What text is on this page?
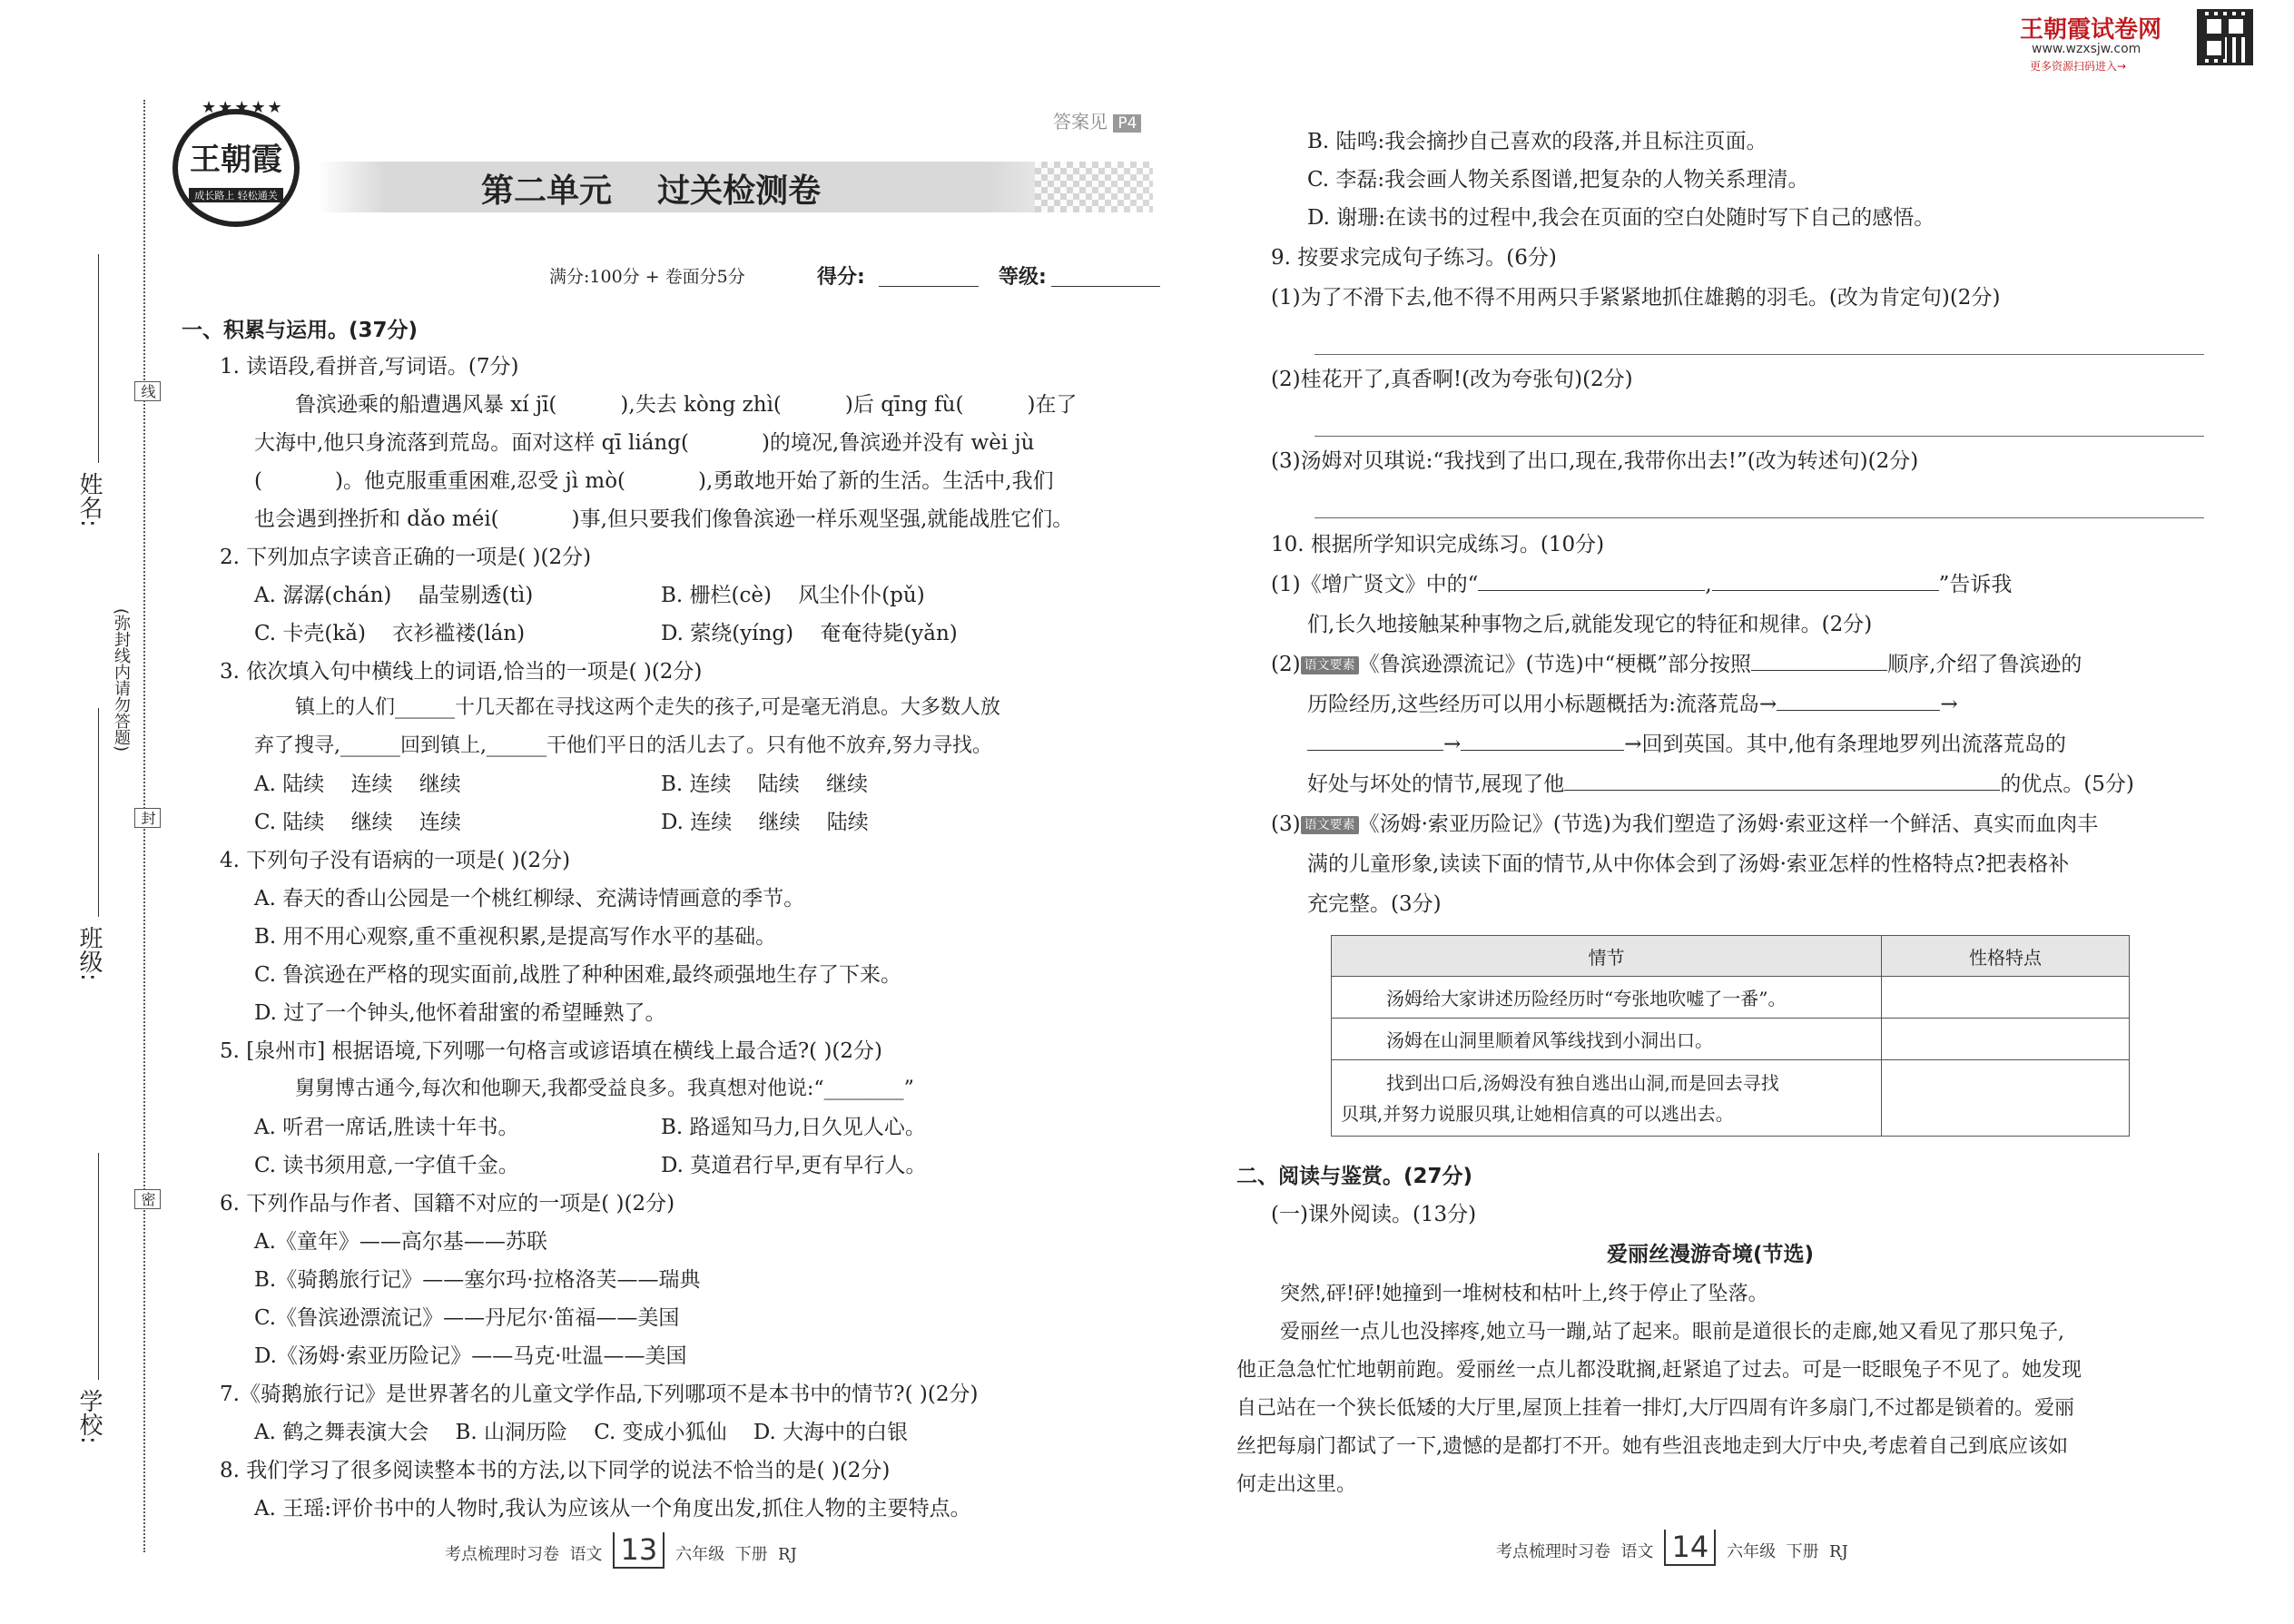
王朝霞试卷网
www.wzxsjw.com
更多资源扫码进入→
线
封
密
(弥封线内请勿答题)
姓名:
班级:
学校:
王朝霞
成长路上 轻松通关
★★★★★
答案见 P4
第二单元    过关检测卷
满分:100分 + 卷面分5分	得分:	等级:
一、积累与运用。(37分)
1. 读语段,看拼音,写词语。(7分)
鲁滨逊乘的船遭遇风暴 xí jī(	),失去 kòng zhì(	)后 qīng fù(	)在了
大海中,他只身流落到荒岛。面对这样 qī liáng(	)的境况,鲁滨逊并没有 wèi jù
(	)。他克服重重困难,忍受 jì mò(	),勇敢地开始了新的生活。生活中,我们
也会遇到挫折和 dǎo méi(	)事,但只要我们像鲁滨逊一样乐观坚强,就能战胜它们。
2. 下列加点字读音正确的一项是( )(2分)
A. 潺潺(chán)    晶莹剔透(tì)	B. 栅栏(cè)    风尘仆仆(pǔ)
C. 卡壳(kǎ)    衣衫褴褛(lán)	D. 萦绕(yíng)    奄奄待毙(yǎn)
3. 依次填入句中横线上的词语,恰当的一项是( )(2分)
镇上的人们______十几天都在寻找这两个走失的孩子,可是毫无消息。大多数人放
弃了搜寻,______回到镇上,______干他们平日的活儿去了。只有他不放弃,努力寻找。
A. 陆续    连续    继续	B. 连续    陆续    继续
C. 陆续    继续    连续	D. 连续    继续    陆续
4. 下列句子没有语病的一项是( )(2分)
A. 春天的香山公园是一个桃红柳绿、充满诗情画意的季节。
B. 用不用心观察,重不重视积累,是提高写作水平的基础。
C. 鲁滨逊在严格的现实面前,战胜了种种困难,最终顽强地生存了下来。
D. 过了一个钟头,他怀着甜蜜的希望睡熟了。
5. [泉州市] 根据语境,下列哪一句格言或谚语填在横线上最合适?( )(2分)
舅舅博古通今,每次和他聊天,我都受益良多。我真想对他说:“________”
A. 听君一席话,胜读十年书。	B. 路遥知马力,日久见人心。
C. 读书须用意,一字值千金。	D. 莫道君行早,更有早行人。
6. 下列作品与作者、国籍不对应的一项是( )(2分)
A.《童年》——高尔基——苏联
B.《骑鹅旅行记》——塞尔玛·拉格洛芙——瑞典
C.《鲁滨逊漂流记》——丹尼尔·笛福——美国
D.《汤姆·索亚历险记》——马克·吐温——美国
7.《骑鹅旅行记》是世界著名的儿童文学作品,下列哪项不是本书中的情节?( )(2分)
A. 鹤之舞表演大会    B. 山洞历险    C. 变成小狐仙    D. 大海中的白银
8. 我们学习了很多阅读整本书的方法,以下同学的说法不恰当的是( )(2分)
A. 王瑶:评价书中的人物时,我认为应该从一个角度出发,抓住人物的主要特点。
考点梳理时习卷  语文 13 六年级  下册  RJ
B. 陆鸣:我会摘抄自己喜欢的段落,并且标注页面。
C. 李磊:我会画人物关系图谱,把复杂的人物关系理清。
D. 谢珊:在读书的过程中,我会在页面的空白处随时写下自己的感悟。
9. 按要求完成句子练习。(6分)
(1)为了不滑下去,他不得不用两只手紧紧地抓住雄鹅的羽毛。(改为肯定句)(2分)
(2)桂花开了,真香啊!(改为夸张句)(2分)
(3)汤姆对贝琪说:“我找到了出口,现在,我带你出去!”(改为转述句)(2分)
10. 根据所学知识完成练习。(10分)
(1)《增广贤文》中的“	,	”告诉我
们,长久地接触某种事物之后,就能发现它的特征和规律。(2分)
(2) 语文要素 《鲁滨逊漂流记》(节选)中“梗概”部分按照	顺序,介绍了鲁滨逊的
历险经历,这些经历可以用小标题概括为:流落荒岛→	→
→	→回到英国。其中,他有条理地罗列出流落荒岛的
好处与坏处的情节,展现了他	的优点。(5分)
(3) 语文要素 《汤姆·索亚历险记》(节选)为我们塑造了汤姆·索亚这样一个鲜活、真实而血肉丰
满的儿童形象,读读下面的情节,从中你体会到了汤姆·索亚怎样的性格特点?把表格补
充完整。(3分)
情节	性格特点
汤姆给大家讲述历险经历时“夸张地吹嘘了一番”。	
汤姆在山洞里顺着风筝线找到小洞出口。	

找到出口后,汤姆没有独自逃出山洞,而是回去寻找
贝琪,并努力说服贝琪,让她相信真的可以逃出去。	

二、阅读与鉴赏。(27分)
(一)课外阅读。(13分)
爱丽丝漫游奇境(节选)
突然,砰!砰!她撞到一堆树枝和枯叶上,终于停止了坠落。
爱丽丝一点儿也没摔疼,她立马一蹦,站了起来。眼前是道很长的走廊,她又看见了那只兔子,
他正急急忙忙地朝前跑。爱丽丝一点儿都没耽搁,赶紧追了过去。可是一眨眼兔子不见了。她发现
自己站在一个狭长低矮的大厅里,屋顶上挂着一排灯,大厅四周有许多扇门,不过都是锁着的。爱丽
丝把每扇门都试了一下,遗憾的是都打不开。她有些沮丧地走到大厅中央,考虑着自己到底应该如
何走出这里。
考点梳理时习卷  语文 14 六年级  下册  RJ
